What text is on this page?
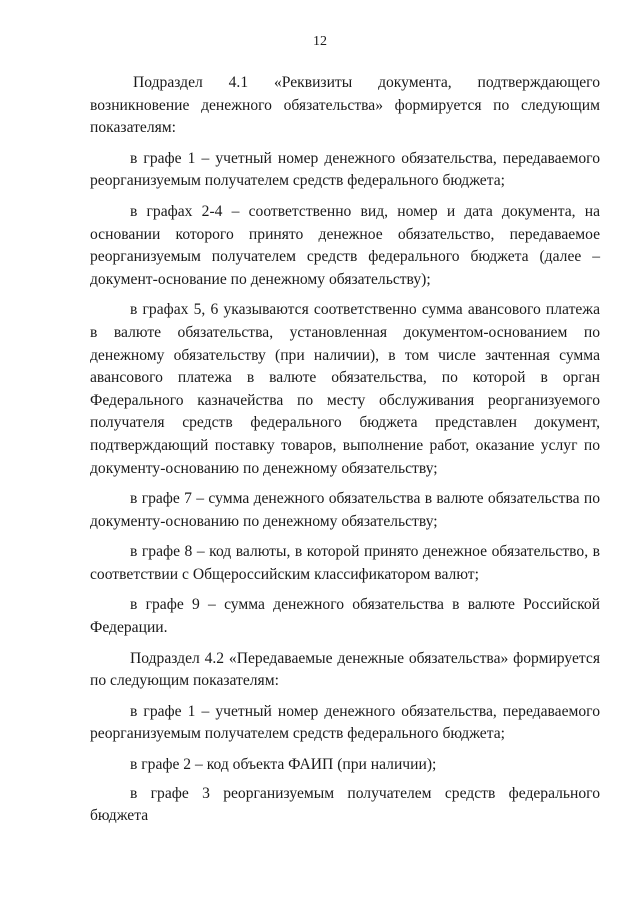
12

Подраздел 4.1 «Реквизиты документа, подтверждающего возникновение денежного обязательства» формируется по следующим показателям:

в графе 1 – учетный номер денежного обязательства, передаваемого реорганизуемым получателем средств федерального бюджета;

в графах 2-4 – соответственно вид, номер и дата документа, на основании которого принято денежное обязательство, передаваемое реорганизуемым получателем средств федерального бюджета (далее – документ-основание по денежному обязательству);

в графах 5, 6 указываются соответственно сумма авансового платежа в валюте обязательства, установленная документом-основанием по денежному обязательству (при наличии), в том числе зачтенная сумма авансового платежа в валюте обязательства, по которой в орган Федерального казначейства по месту обслуживания реорганизуемого получателя средств федерального бюджета представлен документ, подтверждающий поставку товаров, выполнение работ, оказание услуг по документу-основанию по денежному обязательству;

в графе 7 – сумма денежного обязательства в валюте обязательства по документу-основанию по денежному обязательству;

в графе 8 – код валюты, в которой принято денежное обязательство, в соответствии с Общероссийским классификатором валют;

в графе 9 – сумма денежного обязательства в валюте Российской Федерации.

Подраздел 4.2 «Передаваемые денежные обязательства» формируется по следующим показателям:

в графе 1 – учетный номер денежного обязательства, передаваемого реорганизуемым получателем средств федерального бюджета;

в графе 2 – код объекта ФАИП (при наличии);

в графе 3 реорганизуемым получателем средств федерального бюджета
